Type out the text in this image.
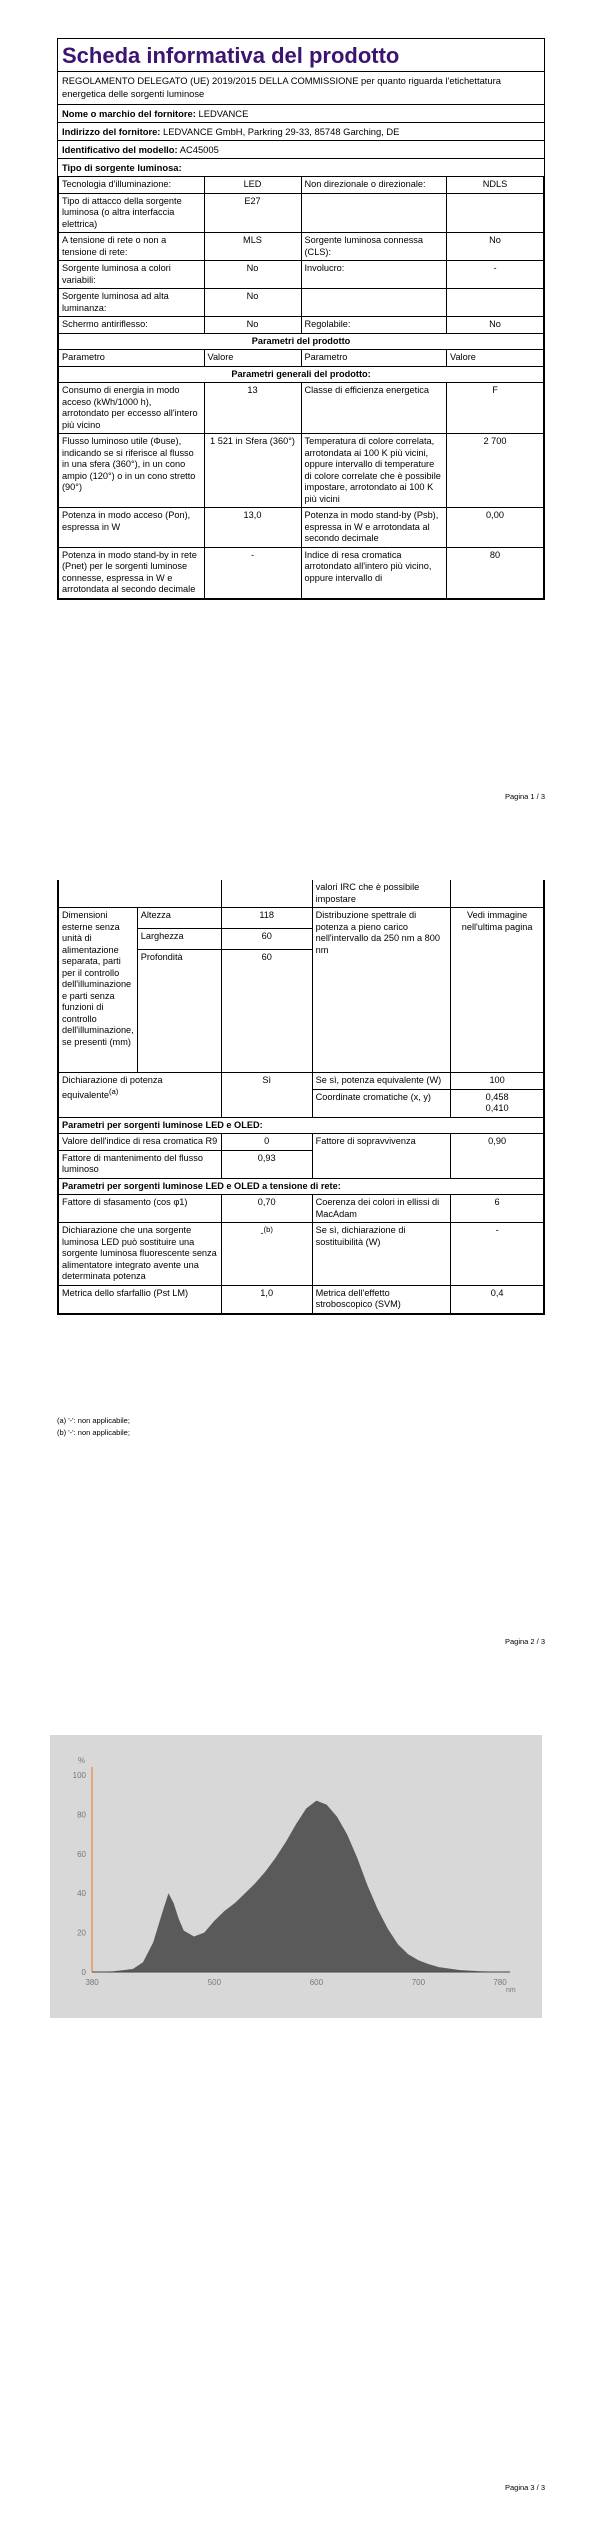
Scheda informativa del prodotto
REGOLAMENTO DELEGATO (UE) 2019/2015 DELLA COMMISSIONE per quanto riguarda l'etichettatura energetica delle sorgenti luminose
Nome o marchio del fornitore: LEDVANCE
Indirizzo del fornitore: LEDVANCE GmbH, Parkring 29-33, 85748 Garching, DE
Identificativo del modello: AC45005
Tipo di sorgente luminosa:
Tecnologia d'illuminazione:	LED	Non direzionale o direzionale:	NDLS
Tipo di attacco della sorgente luminosa (o altra interfaccia elettrica)	E27		
A tensione di rete o non a tensione di rete:	MLS	Sorgente luminosa connessa (CLS):	No
Sorgente luminosa a colori variabili:	No	Involucro:	-
Sorgente luminosa ad alta luminanza:	No		
Schermo antiriflesso:	No	Regolabile:	No
Parametri del prodotto			
Parametro	Valore	Parametro	Valore
Parametri generali del prodotto:			
Consumo di energia in modo acceso (kWh/1000 h), arrotondato per eccesso all'intero più vicino	13	Classe di efficienza energetica	F
Flusso luminoso utile (Φuse), indicando se si riferisce al flusso in una sfera (360°), in un cono ampio (120°) o in un cono stretto (90°)	1 521 in Sfera (360°)	Temperatura di colore correlata, arrotondata ai 100 K più vicini, oppure intervallo di temperature di colore correlate che è possibile impostare, arrotondato ai 100 K più vicini	2 700
Potenza in modo acceso (Pon), espressa in W	13,0	Potenza in modo stand-by (Psb), espressa in W e arrotondata al secondo decimale	0,00
Potenza in modo stand-by in rete (Pnet) per le sorgenti luminose connesse, espressa in W e arrotondata al secondo decimale	-	Indice di resa cromatica arrotondato all'intero più vicino, oppure intervallo di	80
Pagina 1 / 3
			valori IRC che è possibile impostare	
Dimensioni esterne senza unità di alimentazione separata, parti per il controllo dell'illuminazione e parti senza funzioni di controllo dell'illuminazione, se presenti (mm)	Altezza	118	Distribuzione spettrale di potenza a pieno carico nell'intervallo da 250 nm a 800 nm	Vedi immagine nell'ultima pagina
	Larghezza	60		
	Profondità	60		
Dichiarazione di potenza equivalente$^{(a)}$		Sì	Se sì, potenza equivalente (W)	100
			Coordinate cromatiche (x, y)	0,458
0,410

Parametri per sorgenti luminose LED e OLED:				
Valore dell'indice di resa cromatica R9		0	Fattore di sopravvivenza	0,90
Fattore di mantenimento del flusso luminoso		0,93		
Parametri per sorgenti luminose LED e OLED a tensione di rete:				
Fattore di sfasamento (cos φ1)		0,70	Coerenza dei colori in ellissi di MacAdam	6
Dichiarazione che una sorgente luminosa LED può sostituire una sorgente luminosa fluorescente senza alimentatore integrato avente una determinata potenza		-$^{(b)}$	Se sì, dichiarazione di sostituibilità (W)	-
Metrica dello sfarfallio (Pst LM)		1,0	Metrica dell'effetto stroboscopico (SVM)	0,4
(a) '-': non applicabile;
(b) '-': non applicabile;
Pagina 2 / 3
0
20
40
60
80
100
380	500	600	700	780
%
nm
Pagina 3 / 3
